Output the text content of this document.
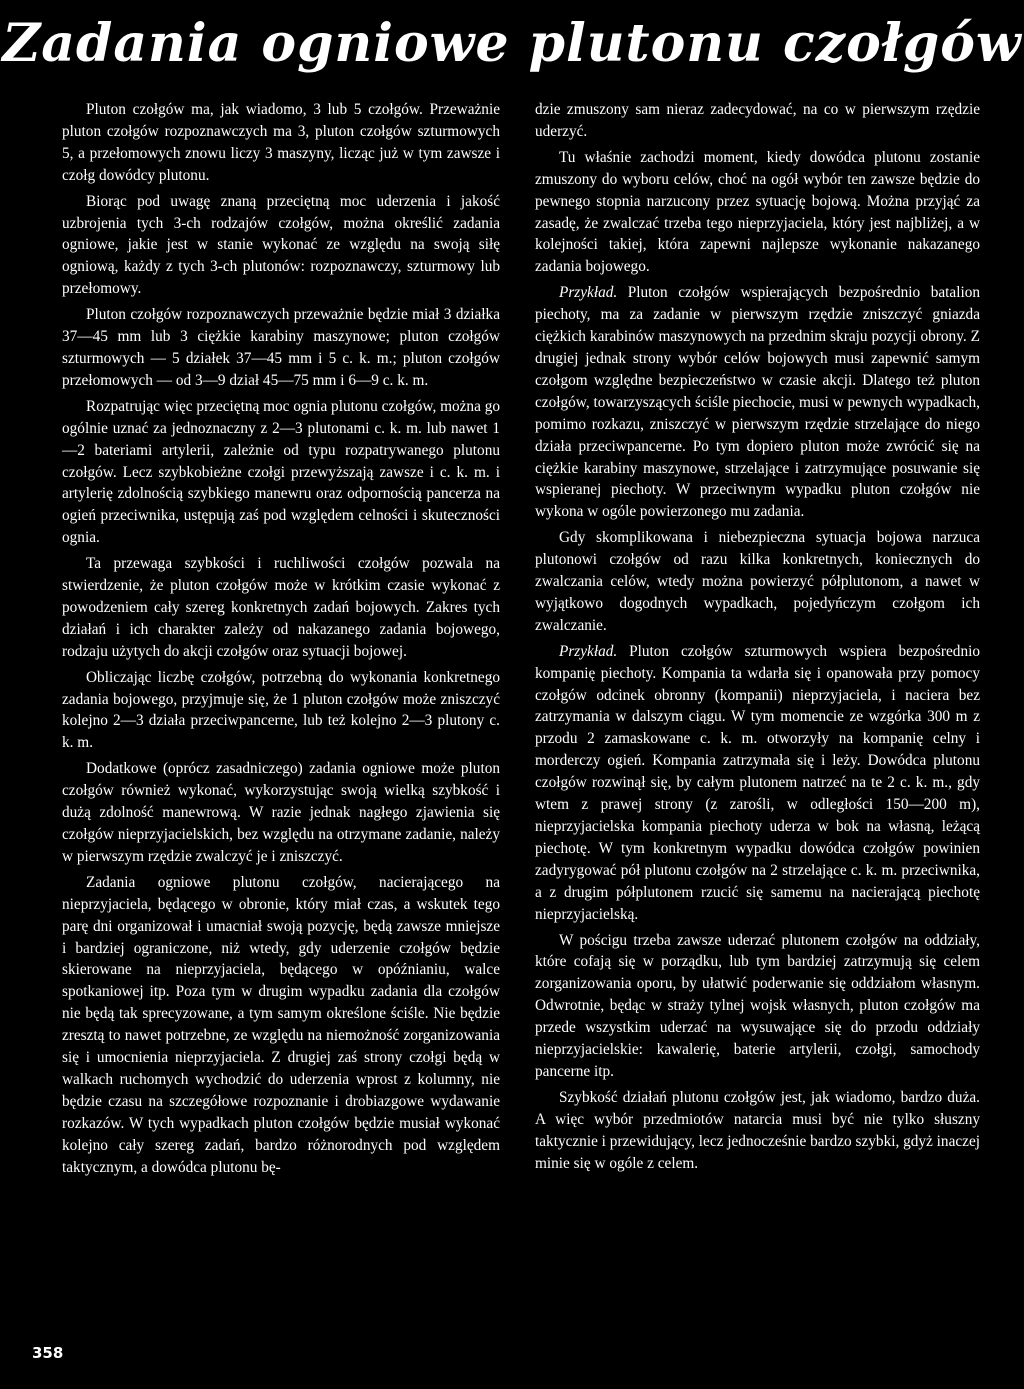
Zadania ogniowe plutonu czołgów

Pluton czołgów ma, jak wiadomo, 3 lub 5 czołgów. Przeważnie pluton czołgów rozpoznawczych ma 3, pluton czołgów szturmowych 5, a przełomowych znowu liczy 3 maszyny, licząc już w tym zawsze i czołg dowódcy plutonu.

Biorąc pod uwagę znaną przeciętną moc uderzenia i jakość uzbrojenia tych 3-ch rodzajów czołgów, można określić zadania ogniowe, jakie jest w stanie wykonać ze względu na swoją siłę ogniową, każdy z tych 3-ch plutonów: rozpoznawczy, szturmowy lub przełomowy.

Pluton czołgów rozpoznawczych przeważnie będzie miał 3 działka 37—45 mm lub 3 ciężkie karabiny maszynowe; pluton czołgów szturmowych — 5 działek 37—45 mm i 5 c. k. m.; pluton czołgów przełomowych — od 3—9 dział 45—75 mm i 6—9 c. k. m.

Rozpatrując więc przeciętną moc ognia plutonu czołgów, można go ogólnie uznać za jednoznaczny z 2—3 plutonami c. k. m. lub nawet 1—2 bateriami artylerii, zależnie od typu rozpatrywanego plutonu czołgów. Lecz szybkobieżne czołgi przewyższają zawsze i c. k. m. i artylerię zdolnością szybkiego manewru oraz odpornością pancerza na ogień przeciwnika, ustępują zaś pod względem celności i skuteczności ognia.

Ta przewaga szybkości i ruchliwości czołgów pozwala na stwierdzenie, że pluton czołgów może w krótkim czasie wykonać z powodzeniem cały szereg konkretnych zadań bojowych. Zakres tych działań i ich charakter zależy od nakazanego zadania bojowego, rodzaju użytych do akcji czołgów oraz sytuacji bojowej.

Obliczając liczbę czołgów, potrzebną do wykonania konkretnego zadania bojowego, przyjmuje się, że 1 pluton czołgów może zniszczyć kolejno 2—3 działa przeciwpancerne, lub też kolejno 2—3 plutony c. k. m.

Dodatkowe (oprócz zasadniczego) zadania ogniowe może pluton czołgów również wykonać, wykorzystując swoją wielką szybkość i dużą zdolność manewrową. W razie jednak nagłego zjawienia się czołgów nieprzyjacielskich, bez względu na otrzymane zadanie, należy w pierwszym rzędzie zwalczyć je i zniszczyć.

Zadania ogniowe plutonu czołgów, nacierającego na nieprzyjaciela, będącego w obronie, który miał czas, a wskutek tego parę dni organizował i umacniał swoją pozycję, będą zawsze mniejsze i bardziej ograniczone, niż wtedy, gdy uderzenie czołgów będzie skierowane na nieprzyjaciela, będącego w opóźnianiu, walce spotkaniowej itp. Poza tym w drugim wypadku zadania dla czołgów nie będą tak sprecyzowane, a tym samym określone ściśle. Nie będzie zresztą to nawet potrzebne, ze względu na niemożność zorganizowania się i umocnienia nieprzyjaciela. Z drugiej zaś strony czołgi będą w walkach ruchomych wychodzić do uderzenia wprost z kolumny, nie będzie czasu na szczegółowe rozpoznanie i drobiazgowe wydawanie rozkazów. W tych wypadkach pluton czołgów będzie musiał wykonać kolejno cały szereg zadań, bardzo różnorodnych pod względem taktycznym, a dowódca plutonu bę-

dzie zmuszony sam nieraz zadecydować, na co w pierwszym rzędzie uderzyć.

Tu właśnie zachodzi moment, kiedy dowódca plutonu zostanie zmuszony do wyboru celów, choć na ogół wybór ten zawsze będzie do pewnego stopnia narzucony przez sytuację bojową. Można przyjąć za zasadę, że zwalczać trzeba tego nieprzyjaciela, który jest najbliżej, a w kolejności takiej, która zapewni najlepsze wykonanie nakazanego zadania bojowego.

Przykład. Pluton czołgów wspierających bezpośrednio batalion piechoty, ma za zadanie w pierwszym rzędzie zniszczyć gniazda ciężkich karabinów maszynowych na przednim skraju pozycji obrony. Z drugiej jednak strony wybór celów bojowych musi zapewnić samym czołgom względne bezpieczeństwo w czasie akcji. Dlatego też pluton czołgów, towarzyszących ściśle piechocie, musi w pewnych wypadkach, pomimo rozkazu, zniszczyć w pierwszym rzędzie strzelające do niego działa przeciwpancerne. Po tym dopiero pluton może zwrócić się na ciężkie karabiny maszynowe, strzelające i zatrzymujące posuwanie się wspieranej piechoty. W przeciwnym wypadku pluton czołgów nie wykona w ogóle powierzonego mu zadania.

Gdy skomplikowana i niebezpieczna sytuacja bojowa narzuca plutonowi czołgów od razu kilka konkretnych, koniecznych do zwalczania celów, wtedy można powierzyć półplutonom, a nawet w wyjątkowo dogodnych wypadkach, pojedyńczym czołgom ich zwalczanie.

Przykład. Pluton czołgów szturmowych wspiera bezpośrednio kompanię piechoty. Kompania ta wdarła się i opanowała przy pomocy czołgów odcinek obronny (kompanii) nieprzyjaciela, i naciera bez zatrzymania w dalszym ciągu. W tym momencie ze wzgórka 300 m z przodu 2 zamaskowane c. k. m. otworzyły na kompanię celny i morderczy ogień. Kompania zatrzymała się i leży. Dowódca plutonu czołgów rozwinął się, by całym plutonem natrzeć na te 2 c. k. m., gdy wtem z prawej strony (z zarośli, w odległości 150—200 m), nieprzyjacielska kompania piechoty uderza w bok na własną, leżącą piechotę. W tym konkretnym wypadku dowódca czołgów powinien zadyrygować pół plutonu czołgów na 2 strzelające c. k. m. przeciwnika, a z drugim półplutonem rzucić się samemu na nacierającą piechotę nieprzyjacielską.

W pościgu trzeba zawsze uderzać plutonem czołgów na oddziały, które cofają się w porządku, lub tym bardziej zatrzymują się celem zorganizowania oporu, by ułatwić poderwanie się oddziałom własnym. Odwrotnie, będąc w straży tylnej wojsk własnych, pluton czołgów ma przede wszystkim uderzać na wysuwające się do przodu oddziały nieprzyjacielskie: kawalerię, baterie artylerii, czołgi, samochody pancerne itp.

Szybkość działań plutonu czołgów jest, jak wiadomo, bardzo duża. A więc wybór przedmiotów natarcia musi być nie tylko słuszny taktycznie i przewidujący, lecz jednocześnie bardzo szybki, gdyż inaczej minie się w ogóle z celem.

358
